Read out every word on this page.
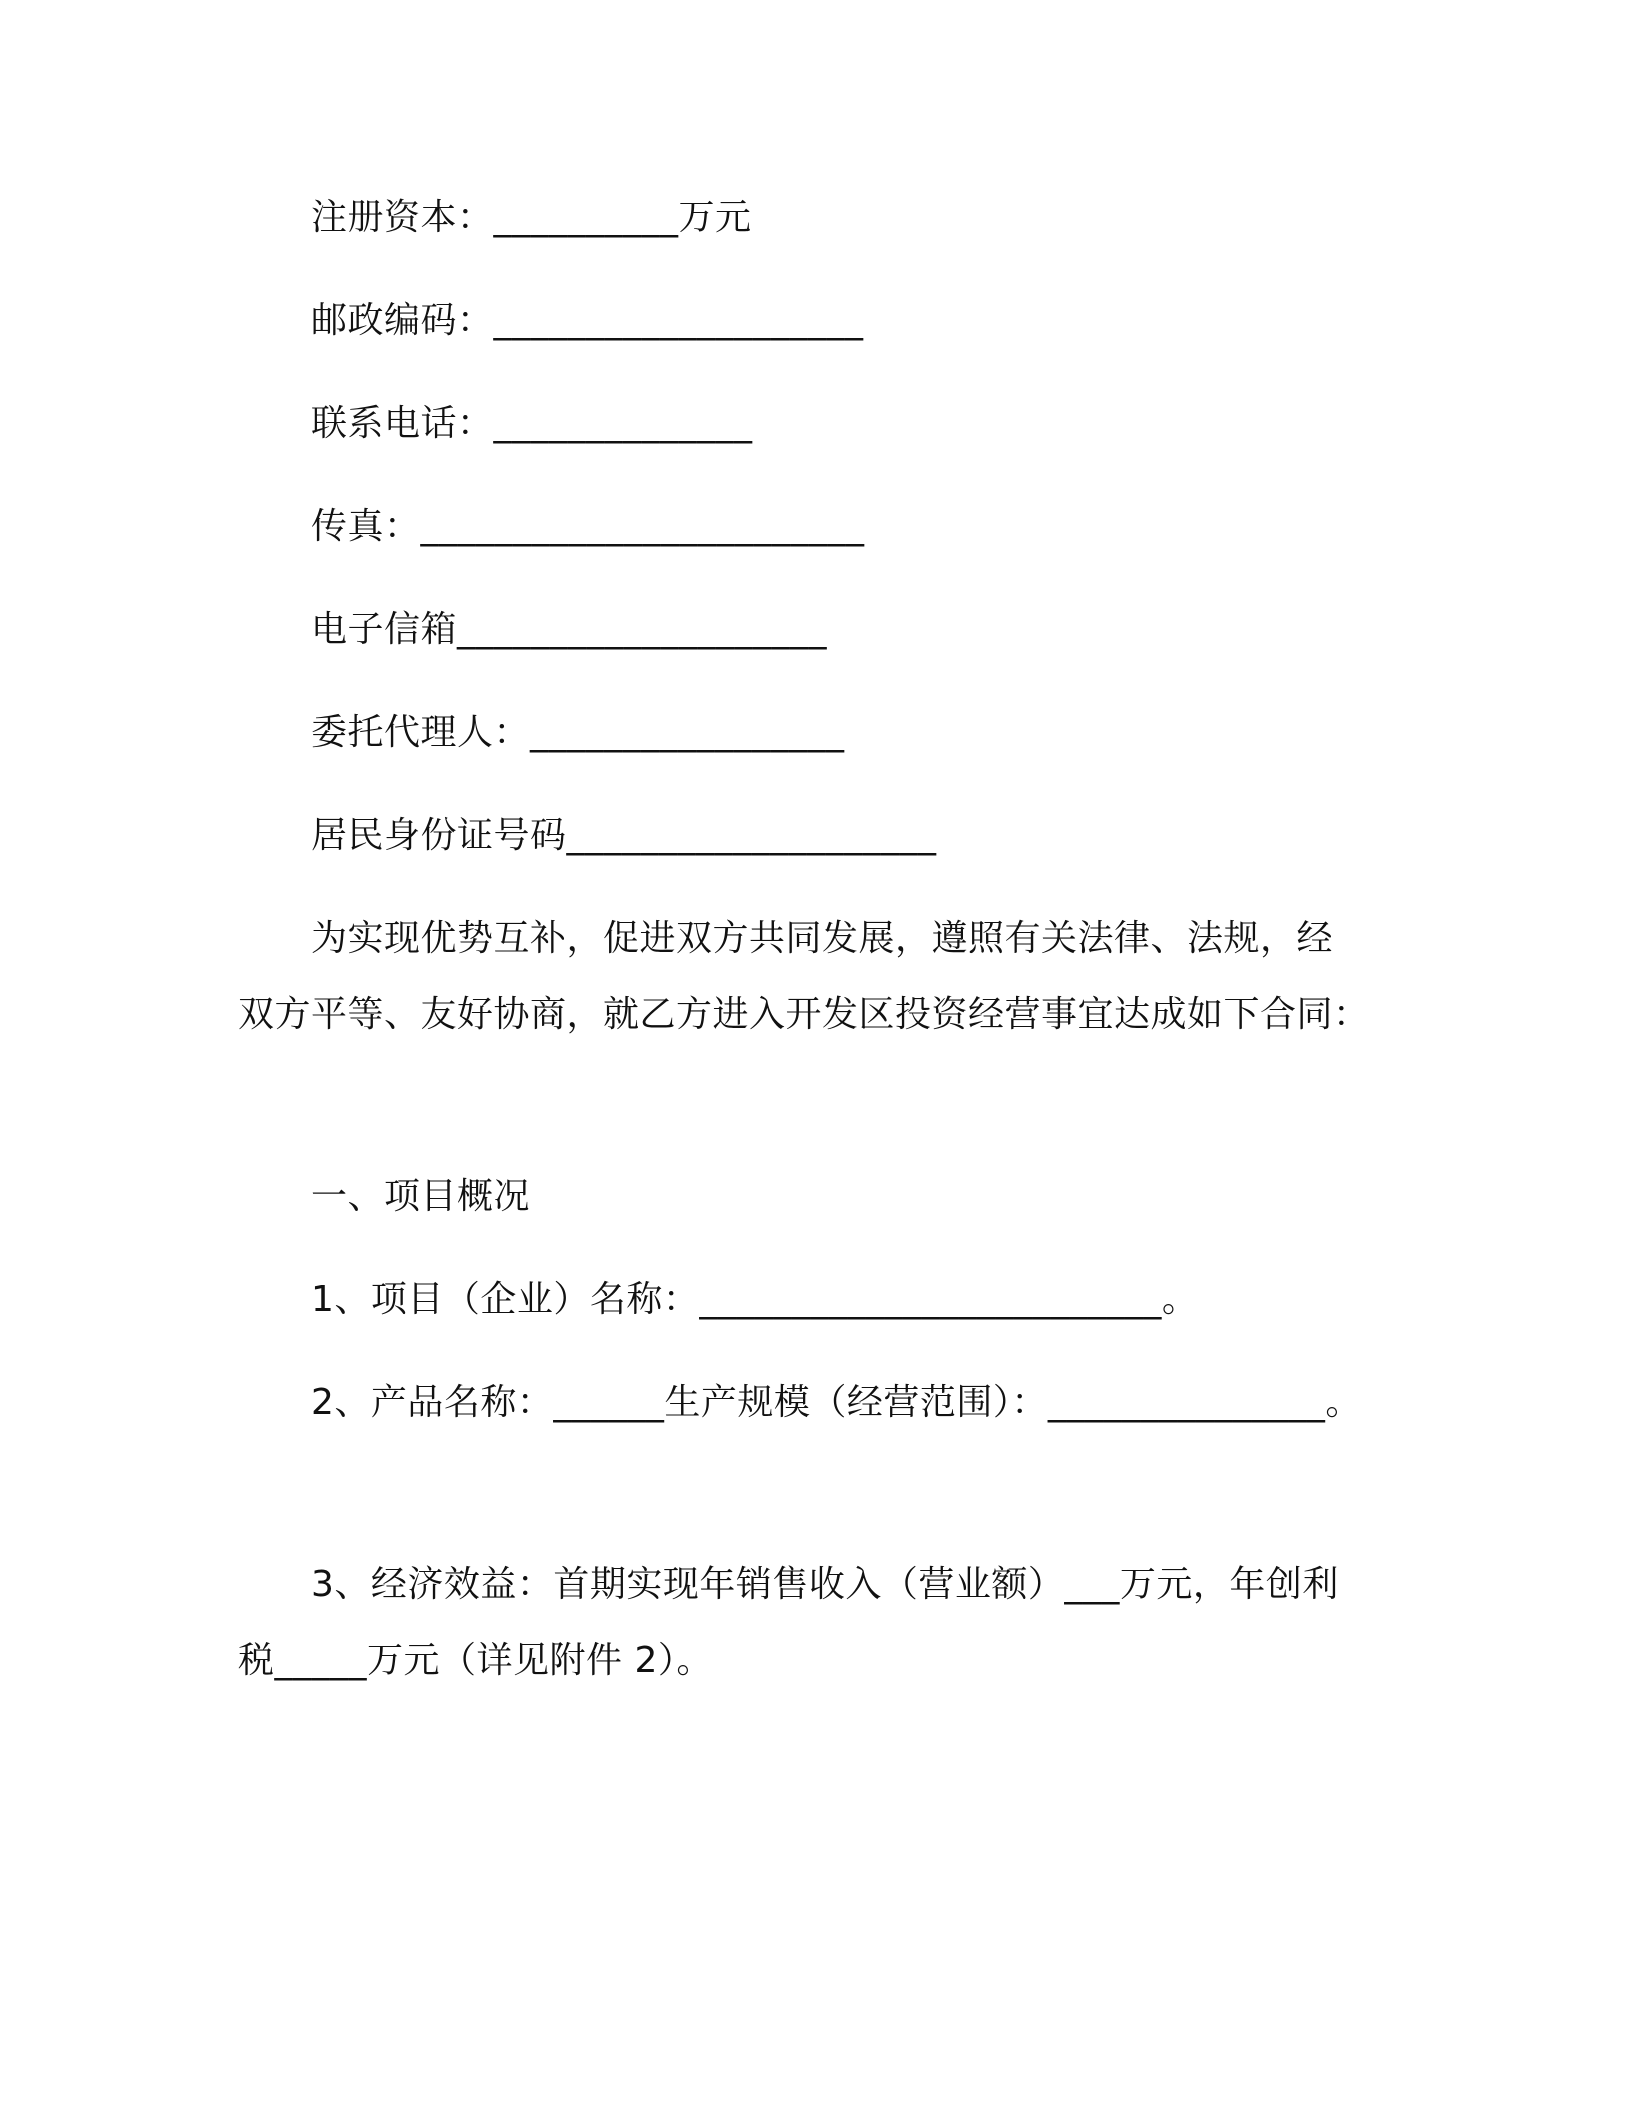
注册资本：__________万元
邮政编码：____________________
联系电话：______________
传真：________________________
电子信箱____________________
委托代理人：_________________
居民身份证号码____________________
为实现优势互补，促进双方共同发展，遵照有关法律、法规，经
双方平等、友好协商，就乙方进入开发区投资经营事宜达成如下合同：
一、项目概况
1、项目（企业）名称：_________________________。
2、产品名称：______生产规模（经营范围）：_______________。
3、经济效益：首期实现年销售收入（营业额）___万元，年创利
税_____万元（详见附件 2）。
